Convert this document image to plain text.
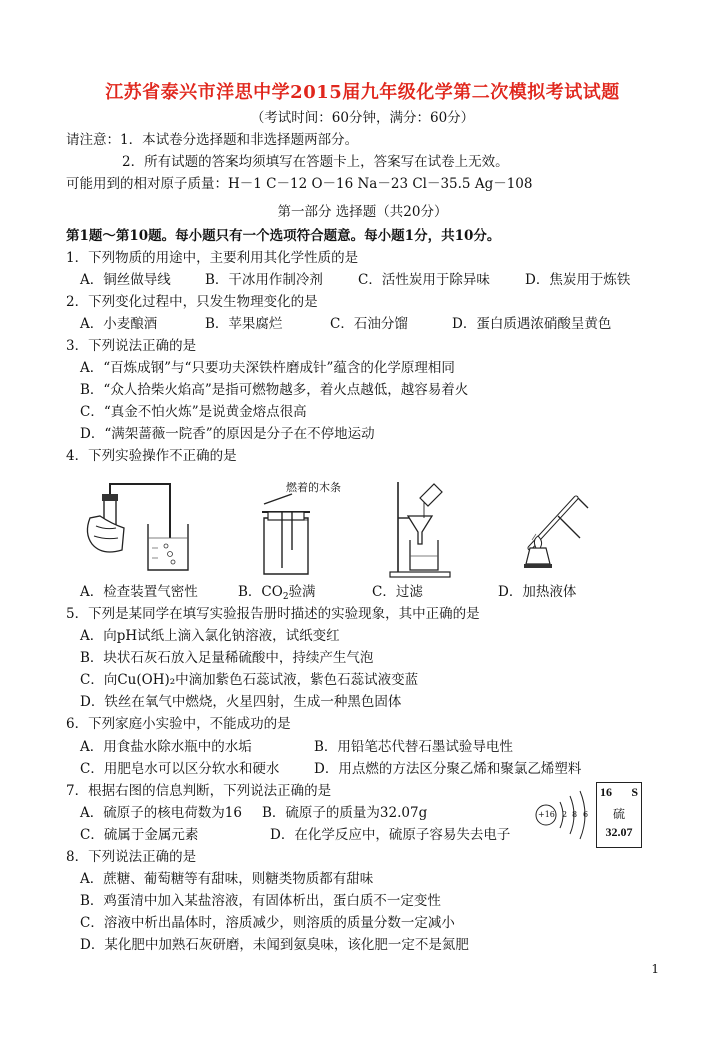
江苏省泰兴市洋思中学2015届九年级化学第二次模拟考试试题
（考试时间：60分钟，满分：60分）
请注意：1．本试卷分选择题和非选择题两部分。
2．所有试题的答案均须填写在答题卡上，答案写在试卷上无效。
可能用到的相对原子质量：H－1 C－12 O－16 Na－23 Cl－35.5 Ag－108
第一部分 选择题（共20分）
第1题～第10题。每小题只有一个选项符合题意。每小题1分，共10分。
1．下列物质的用途中，主要利用其化学性质的是
A．铜丝做导线	B．干冰用作制冷剂	C．活性炭用于除异味	D．焦炭用于炼铁
2．下列变化过程中，只发生物理变化的是
A．小麦酿酒	B．苹果腐烂	C．石油分馏	D．蛋白质遇浓硝酸呈黄色
3．下列说法正确的是
A．“百炼成钢”与“只要功夫深铁杵磨成针”蕴含的化学原理相同
B．“众人拾柴火焰高”是指可燃物越多，着火点越低，越容易着火
C．“真金不怕火炼”是说黄金熔点很高
D．“满架蔷薇一院香”的原因是分子在不停地运动
4．下列实验操作不正确的是
燃着的木条
A．检查装置气密性	B．$CO_2$验满	C．过滤	D．加热液体
5．下列是某同学在填写实验报告册时描述的实验现象，其中正确的是
A．向pH试纸上滴入氯化钠溶液，试纸变红
B．块状石灰石放入足量稀硫酸中，持续产生气泡
C．向Cu(OH)₂中滴加紫色石蕊试液，紫色石蕊试液变蓝
D．铁丝在氧气中燃烧，火星四射，生成一种黑色固体
6．下列家庭小实验中，不能成功的是
A．用食盐水除水瓶中的水垢	B．用铅笔芯代替石墨试验导电性
C．用肥皂水可以区分软水和硬水	D．用点燃的方法区分聚乙烯和聚氯乙烯塑料
7．根据右图的信息判断，下列说法正确的是
A．硫原子的核电荷数为16 B．硫原子的质量为32.07g
C．硫属于金属元素	D．在化学反应中，硫原子容易失去电子
+16 2 8 6
16 S
硫
32.07
8．下列说法正确的是
A．蔗糖、葡萄糖等有甜味，则糖类物质都有甜味
B．鸡蛋清中加入某盐溶液，有固体析出，蛋白质不一定变性
C．溶液中析出晶体时，溶质减少，则溶质的质量分数一定减小
D．某化肥中加熟石灰研磨，未闻到氨臭味，该化肥一定不是氮肥
1
